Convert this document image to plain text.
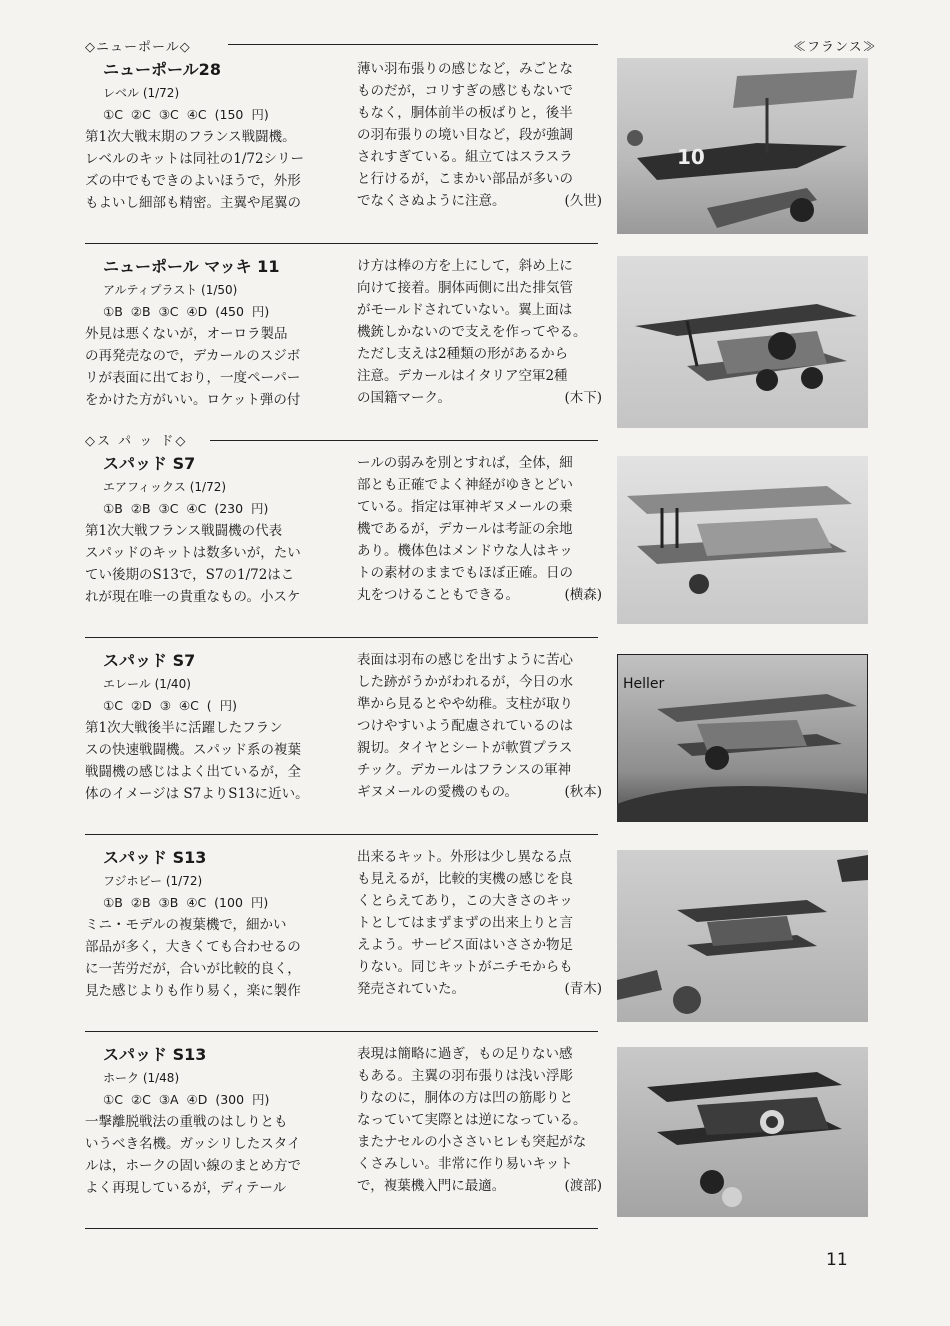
◇ニューポール◇	≪フランス≫
ニューポール28
レベル (1/72)
①C ②C ③C ④C (150 円)
第1次大戦末期のフランス戦闘機。
レベルのキットは同社の1/72シリー
ズの中でもできのよいほうで，外形
もよいし細部も精密。主翼や尾翼の
薄い羽布張りの感じなど，みごとな
ものだが，コリすぎの感じもないで
もなく，胴体前半の板ばりと，後半
の羽布張りの境い目など，段が強調
されすぎている。組立てはスラスラ
と行けるが，こまかい部品が多いの
でなくさぬように注意。	(久世)
ニューポール マッキ 11
アルティプラスト (1/50)
①B ②B ③C ④D (450 円)
外見は悪くないが，オーロラ製品
の再発売なので，デカールのスジボ
リが表面に出ており，一度ペーパー
をかけた方がいい。ロケット弾の付
け方は棒の方を上にして，斜め上に
向けて接着。胴体両側に出た排気管
がモールドされていない。翼上面は
機銃しかないので支えを作ってやる。
ただし支えは2種類の形があるから
注意。デカールはイタリア空軍2種
の国籍マーク。	(木下)
◇ス パ ッ ド◇
スパッド S7
エアフィックス (1/72)
①B ②B ③C ④C (230 円)
第1次大戦フランス戦闘機の代表
スパッドのキットは数多いが，たい
てい後期のS13で，S7の1/72はこ
れが現在唯一の貴重なもの。小スケ
ールの弱みを別とすれば，全体，細
部とも正確でよく神経がゆきとどい
ている。指定は軍神ギヌメールの乗
機であるが，デカールは考証の余地
あり。機体色はメンドウな人はキッ
トの素材のままでもほぼ正確。日の
丸をつけることもできる。	(横森)
スパッド S7
エレール (1/40)
①C ②D ③ ④C ( 円)
第1次大戦後半に活躍したフラン
スの快速戦闘機。スパッド系の複葉
戦闘機の感じはよく出ているが，全
体のイメージは S7よりS13に近い。
表面は羽布の感じを出すように苦心
した跡がうかがわれるが，今日の水
準から見るとやや幼稚。支柱が取り
つけやすいよう配慮されているのは
親切。タイヤとシートが軟質プラス
チック。デカールはフランスの軍神
ギヌメールの愛機のもの。	(秋本)
スパッド S13
フジホビー (1/72)
①B ②B ③B ④C (100 円)
ミニ・モデルの複葉機で，細かい
部品が多く，大きくても合わせるの
に一苦労だが，合いが比較的良く，
見た感じよりも作り易く，楽に製作
出来るキット。外形は少し異なる点
も見えるが，比較的実機の感じを良
くとらえてあり，この大きさのキッ
トとしてはまずまずの出来上りと言
えよう。サービス面はいささか物足
りない。同じキットがニチモからも
発売されていた。	(青木)
スパッド S13
ホーク (1/48)
①C ②C ③A ④D (300 円)
一撃離脱戦法の重戦のはしりとも
いうべき名機。ガッシリしたスタイ
ルは，ホークの固い線のまとめ方で
よく再現しているが，ディテール
表現は簡略に過ぎ，もの足りない感
もある。主翼の羽布張りは浅い浮彫
りなのに，胴体の方は凹の筋彫りと
なっていて実際とは逆になっている。
またナセルの小ささいヒレも突起がな
くさみしい。非常に作り易いキット
で，複葉機入門に最適。	(渡部)
10
Heller
11
